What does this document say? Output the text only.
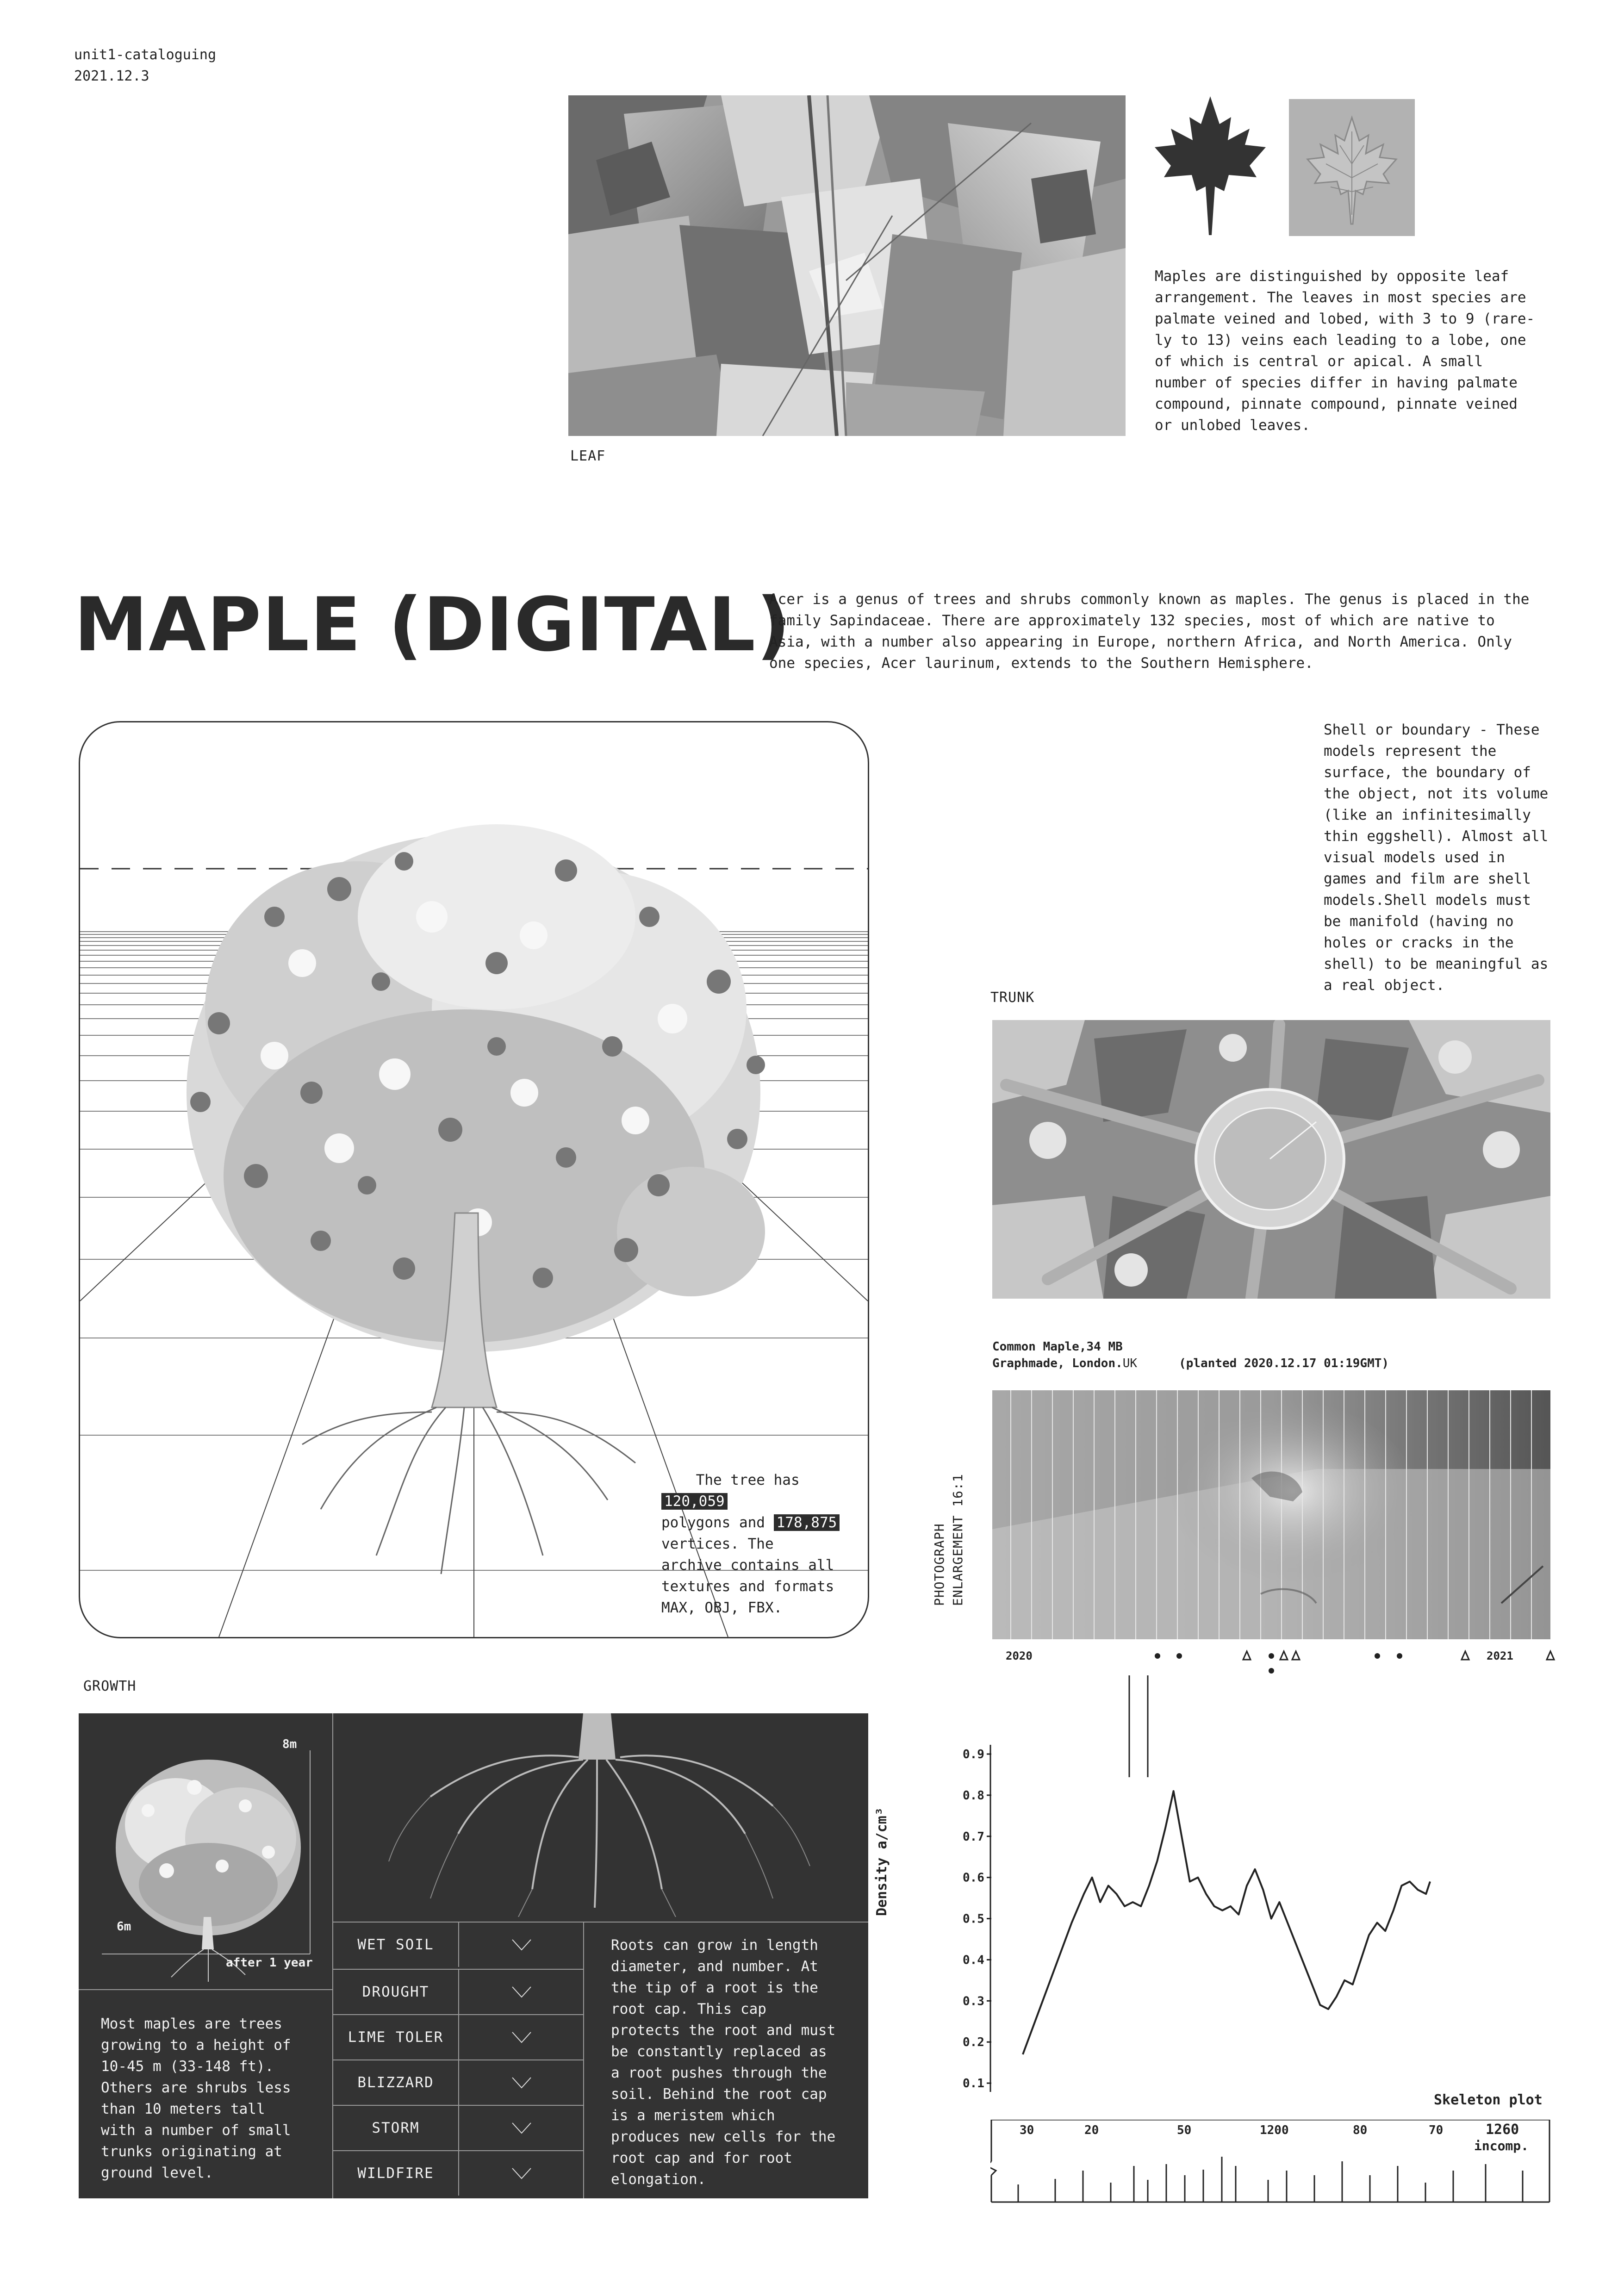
unit1-cataloguing
2021.12.3
LEAF
Maples are distinguished by opposite leaf
arrangement. The leaves in most species are
palmate veined and lobed, with 3 to 9 (rare-
ly to 13) veins each leading to a lobe, one
of which is central or apical. A small
number of species differ in having palmate
compound, pinnate compound, pinnate veined
or unlobed leaves.
MAPLE (DIGITAL)
Acer is a genus of trees and shrubs commonly known as maples. The genus is placed in the
family Sapindaceae. There are approximately 132 species, most of which are native to
Asia, with a number also appearing in Europe, northern Africa, and North America. Only
one species, Acer laurinum, extends to the Southern Hemisphere.

The tree has 120,059
polygons and 178,875
vertices. The
archive contains all
textures and formats
MAX, OBJ, FBX.

Shell or boundary - These
models represent the
surface, the boundary of
the object, not its volume
(like an infinitesimally
thin eggshell). Almost all
visual models used in
games and film are shell
models.Shell models must
be manifold (having no
holes or cracks in the
shell) to be meaningful as
a real object.
TRUNK
Common Maple,34 MB
Graphmade, London.UK	(planted 2020.12.17 01:19GMT)
PHOTOGRAPH ENLARGEMENT 16:1
2020	2021
0.9
0.8
0.7
0.6
0.5
0.4
0.3
0.2
0.1
Density a/cm³
Skeleton plot
30	20	50	1200	80	70	1260
incomp.
GROWTH
8m
6m
after 1 year
WET SOIL
DROUGHT
LIME TOLER
BLIZZARD
STORM
WILDFIRE
Most maples are trees
growing to a height of
10-45 m (33-148 ft).
Others are shrubs less
than 10 meters tall
with a number of small
trunks originating at
ground level.
Roots can grow in length
diameter, and number. At
the tip of a root is the
root cap. This cap
protects the root and must
be constantly replaced as
a root pushes through the
soil. Behind the root cap
is a meristem which
produces new cells for the
root cap and for root
elongation.
